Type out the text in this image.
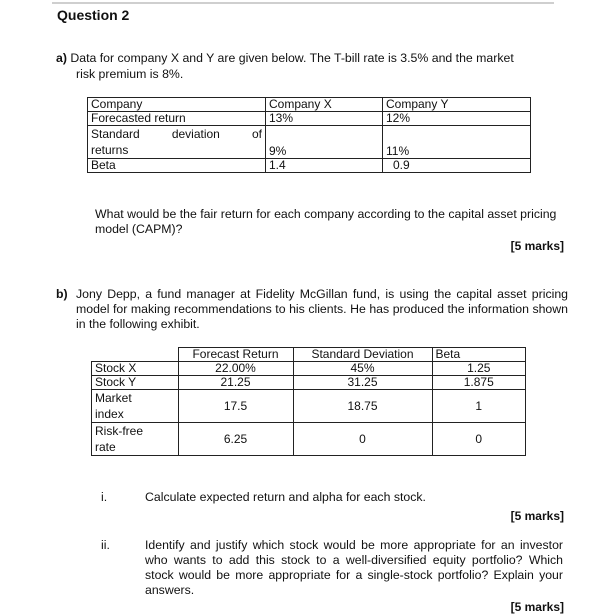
Question 2
a) Data for company X and Y are given below. The T-bill rate is 3.5% and the market
risk premium is 8%.
Company	Company X	Company Y
Forecasted return	13%	12%

Standard deviation of
returns	9%	11%
Beta	1.4	0.9
What would be the fair return for each company according to the capital asset pricing model (CAPM)?
[5 marks]
b) Jony Depp, a fund manager at Fidelity McGillan fund, is using the capital asset pricing model for making recommendations to his clients. He has produced the information shown in the following exhibit.
	Forecast Return	Standard Deviation	Beta
Stock X	22.00%	45%	1.25
Stock Y	21.25	31.25	1.875

Market index	17.5	18.75	1

Risk-free rate	6.25	0	0
i.	Calculate expected return and alpha for each stock.
[5 marks]
ii.	Identify and justify which stock would be more appropriate for an investor who wants to add this stock to a well-diversified equity portfolio? Which stock would be more appropriate for a single-stock portfolio? Explain your answers.
[5 marks]
